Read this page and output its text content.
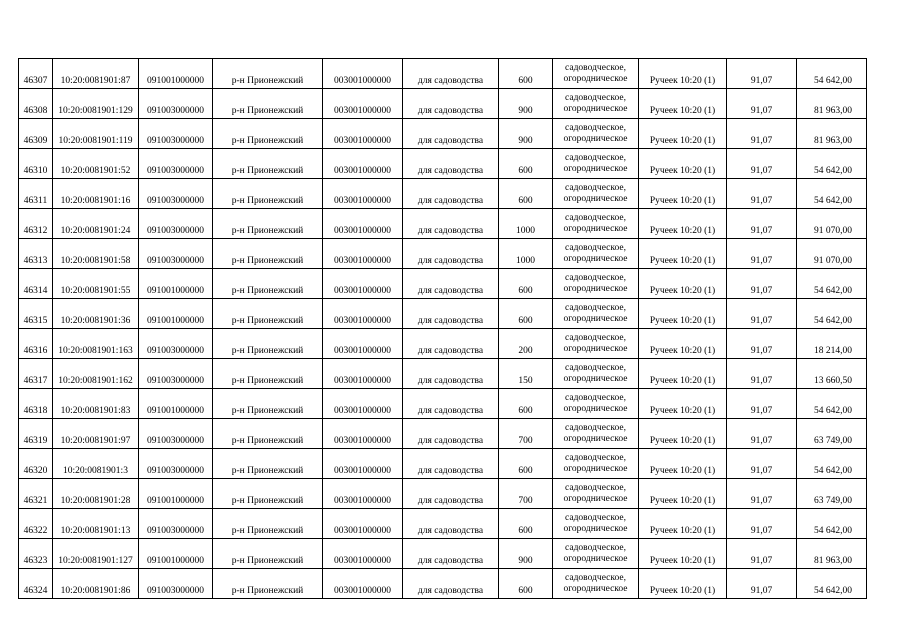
46307	10:20:0081901:87	091001000000	р-н Прионежский	003001000000	для садоводства	600	садоводческое,
огородническое	Ручеек 10:20 (1)	91,07	54 642,00
46308	10:20:0081901:129	091003000000	р-н Прионежский	003001000000	для садоводства	900	садоводческое,
огородническое	Ручеек 10:20 (1)	91,07	81 963,00
46309	10:20:0081901:119	091003000000	р-н Прионежский	003001000000	для садоводства	900	садоводческое,
огородническое	Ручеек 10:20 (1)	91,07	81 963,00
46310	10:20:0081901:52	091003000000	р-н Прионежский	003001000000	для садоводства	600	садоводческое,
огородническое	Ручеек 10:20 (1)	91,07	54 642,00
46311	10:20:0081901:16	091003000000	р-н Прионежский	003001000000	для садоводства	600	садоводческое,
огородническое	Ручеек 10:20 (1)	91,07	54 642,00
46312	10:20:0081901:24	091003000000	р-н Прионежский	003001000000	для садоводства	1000	садоводческое,
огородническое	Ручеек 10:20 (1)	91,07	91 070,00
46313	10:20:0081901:58	091003000000	р-н Прионежский	003001000000	для садоводства	1000	садоводческое,
огородническое	Ручеек 10:20 (1)	91,07	91 070,00
46314	10:20:0081901:55	091001000000	р-н Прионежский	003001000000	для садоводства	600	садоводческое,
огородническое	Ручеек 10:20 (1)	91,07	54 642,00
46315	10:20:0081901:36	091001000000	р-н Прионежский	003001000000	для садоводства	600	садоводческое,
огородническое	Ручеек 10:20 (1)	91,07	54 642,00
46316	10:20:0081901:163	091003000000	р-н Прионежский	003001000000	для садоводства	200	садоводческое,
огородническое	Ручеек 10:20 (1)	91,07	18 214,00
46317	10:20:0081901:162	091003000000	р-н Прионежский	003001000000	для садоводства	150	садоводческое,
огородническое	Ручеек 10:20 (1)	91,07	13 660,50
46318	10:20:0081901:83	091001000000	р-н Прионежский	003001000000	для садоводства	600	садоводческое,
огородническое	Ручеек 10:20 (1)	91,07	54 642,00
46319	10:20:0081901:97	091003000000	р-н Прионежский	003001000000	для садоводства	700	садоводческое,
огородническое	Ручеек 10:20 (1)	91,07	63 749,00
46320	10:20:0081901:3	091003000000	р-н Прионежский	003001000000	для садоводства	600	садоводческое,
огородническое	Ручеек 10:20 (1)	91,07	54 642,00
46321	10:20:0081901:28	091001000000	р-н Прионежский	003001000000	для садоводства	700	садоводческое,
огородническое	Ручеек 10:20 (1)	91,07	63 749,00
46322	10:20:0081901:13	091003000000	р-н Прионежский	003001000000	для садоводства	600	садоводческое,
огородническое	Ручеек 10:20 (1)	91,07	54 642,00
46323	10:20:0081901:127	091001000000	р-н Прионежский	003001000000	для садоводства	900	садоводческое,
огородническое	Ручеек 10:20 (1)	91,07	81 963,00
46324	10:20:0081901:86	091003000000	р-н Прионежский	003001000000	для садоводства	600	садоводческое,
огородническое	Ручеек 10:20 (1)	91,07	54 642,00
